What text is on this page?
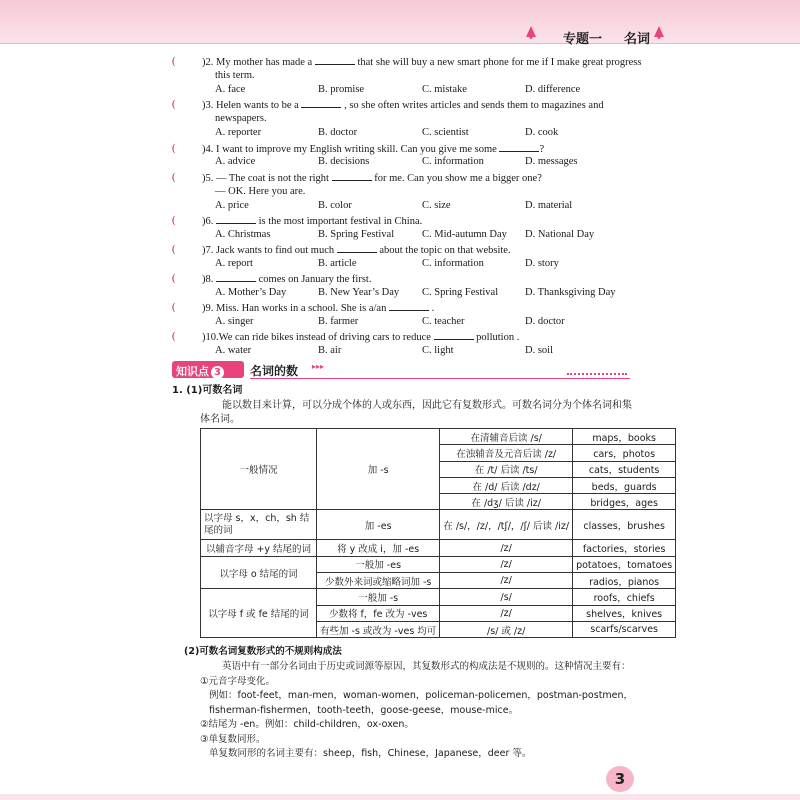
专题一 名词
(	)2. My mother has made a	that she will buy a new smart phone for me if I make great progress
this term.
A. face	B. promise	C. mistake	D. difference
(	)3. Helen wants to be a	, so she often writes articles and sends them to magazines and
newspapers.
A. reporter	B. doctor	C. scientist	D. cook
(	)4. I want to improve my English writing skill. Can you give me some	?
A. advice	B. decisions	C. information	D. messages
(	)5. — The coat is not the right	for me. Can you show me a bigger one?
— OK. Here you are.
A. price	B. color	C. size	D. material
(	)6.	is the most important festival in China.
A. Christmas	B. Spring Festival	C. Mid-autumn Day D. National Day
(	)7. Jack wants to find out much	about the topic on that website.
A. report	B. article	C. information	D. story
(	)8.	comes on January the first.
A. Mother’s Day	B. New Year’s Day C. Spring Festival	D. Thanksgiving Day
(	)9. Miss. Han works in a school. She is a/an	.
A. singer	B. farmer	C. teacher	D. doctor
(	)10.We can ride bikes instead of driving cars to reduce	pollution .
A. water	B. air	C. light	D. soil
知识点 3	名词的数 ▸▸▸
1. (1)可数名词
能以数目来计算，可以分成个体的人或东西，因此它有复数形式。可数名词分为个体名词和集
体名词。
一般情况	加 -s	在清辅音后读 /s/	maps，books
		在浊辅音及元音后读 /z/	cars，photos
		在 /t/ 后读 /ts/	cats，students
		在 /d/ 后读 /dz/	beds，guards
		在 /dʒ/ 后读 /iz/	bridges，ages
以字母 s，x，ch，sh 结尾的词	加 -es	在 /s/，/z/，/tʃ/，/ʃ/ 后读 /iz/	classes，brushes
以辅音字母 +y 结尾的词	将 y 改成 i，加 -es	/z/	factories，stories
以字母 o 结尾的词	一般加 -es	/z/	potatoes，tomatoes
	少数外来词或缩略词加 -s	/z/	radios，pianos
以字母 f 或 fe 结尾的词	一般加 -s	/s/	roofs，chiefs
	少数将 f，fe 改为 -ves	/z/	shelves，knives
	有些加 -s 或改为 -ves 均可	/s/ 或 /z/	scarfs/scarves
(2)可数名词复数形式的不规则构成法
英语中有一部分名词由于历史或词源等原因，其复数形式的构成法是不规则的。这种情况主要有：
①元音字母变化。
例如：foot-feet，man-men，woman-women，policeman-policemen，postman-postmen，
fisherman-fishermen，tooth-teeth，goose-geese，mouse-mice。
②结尾为 -en。例如：child-children，ox-oxen。
③单复数同形。
单复数同形的名词主要有：sheep，fish，Chinese，Japanese，deer 等。
3
